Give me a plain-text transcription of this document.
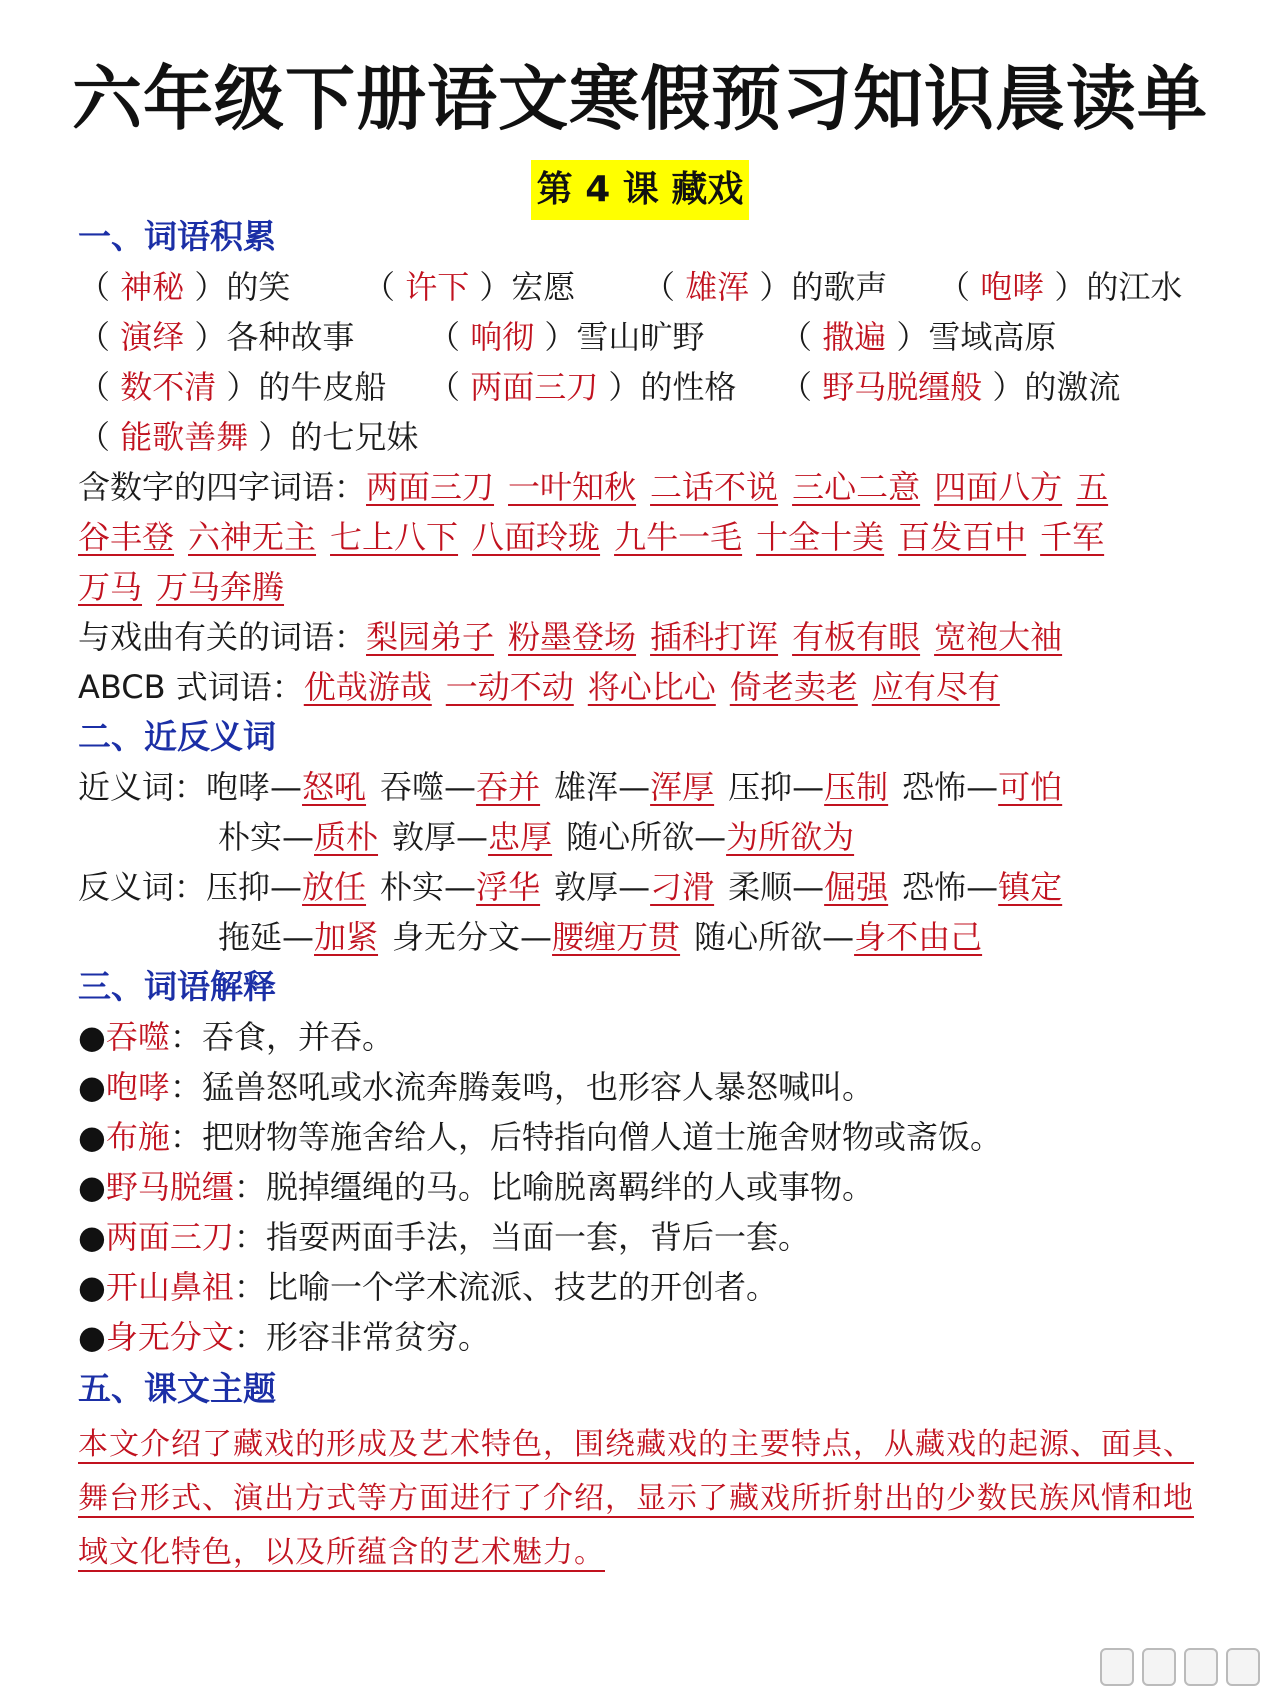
六年级下册语文寒假预习知识晨读单
第 4 课 藏戏
一、词语积累
（ 神秘 ）的笑 （ 许下 ）宏愿 （ 雄浑 ）的歌声 （ 咆哮 ）的江水
（ 演绎 ）各种故事 （ 响彻 ）雪山旷野 （ 撒遍 ）雪域高原
（ 数不清 ）的牛皮船 （ 两面三刀 ）的性格 （ 野马脱缰般 ）的激流
（ 能歌善舞 ）的七兄妹
含数字的四字词语：两面三刀 一叶知秋 二话不说 三心二意 四面八方 五
谷丰登 六神无主 七上八下 八面玲珑 九牛一毛 十全十美 百发百中 千军
万马 万马奔腾
与戏曲有关的词语：梨园弟子 粉墨登场 插科打诨 有板有眼 宽袍大袖
ABCB 式词语：优哉游哉 一动不动 将心比心 倚老卖老 应有尽有
二、近反义词
近义词：咆哮—怒吼 吞噬—吞并 雄浑—浑厚 压抑—压制 恐怖—可怕
朴实—质朴 敦厚—忠厚 随心所欲—为所欲为
反义词：压抑—放任 朴实—浮华 敦厚—刁滑 柔顺—倔强 恐怖—镇定
拖延—加紧 身无分文—腰缠万贯 随心所欲—身不由己
三、词语解释
●吞噬：吞食，并吞。
●咆哮：猛兽怒吼或水流奔腾轰鸣，也形容人暴怒喊叫。
●布施：把财物等施舍给人，后特指向僧人道士施舍财物或斋饭。
●野马脱缰：脱掉缰绳的马。比喻脱离羁绊的人或事物。
●两面三刀：指耍两面手法，当面一套，背后一套。
●开山鼻祖：比喻一个学术流派、技艺的开创者。
●身无分文：形容非常贫穷。
五、课文主题
本文介绍了藏戏的形成及艺术特色，围绕藏戏的主要特点，从藏戏的起源、面具、舞台形式、演出方式等方面进行了介绍，显示了藏戏所折射出的少数民族风情和地域文化特色，以及所蕴含的艺术魅力。
